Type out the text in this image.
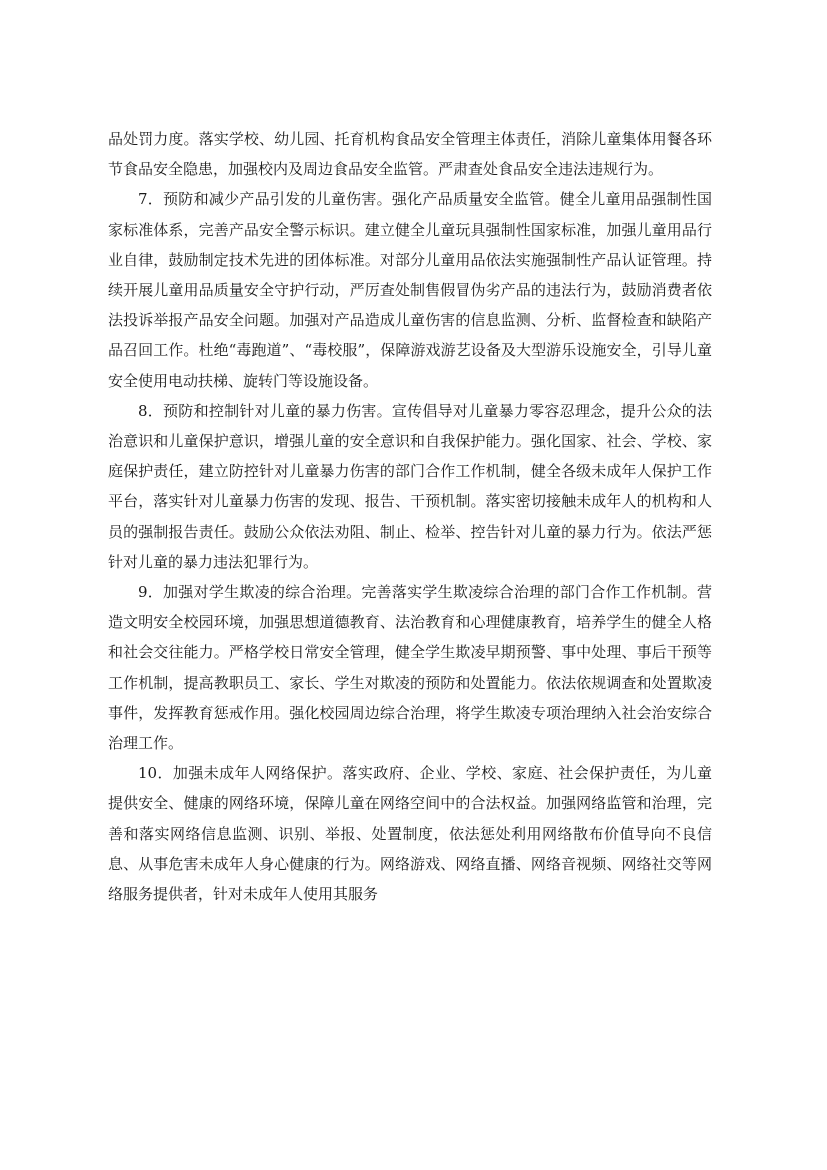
品处罚力度。落实学校、幼儿园、托育机构食品安全管理主体责任，消除儿童集体用餐各环节食品安全隐患，加强校内及周边食品安全监管。严肃查处食品安全违法违规行为。

7．预防和减少产品引发的儿童伤害。强化产品质量安全监管。健全儿童用品强制性国家标准体系，完善产品安全警示标识。建立健全儿童玩具强制性国家标准，加强儿童用品行业自律，鼓励制定技术先进的团体标准。对部分儿童用品依法实施强制性产品认证管理。持续开展儿童用品质量安全守护行动，严厉查处制售假冒伪劣产品的违法行为，鼓励消费者依法投诉举报产品安全问题。加强对产品造成儿童伤害的信息监测、分析、监督检查和缺陷产品召回工作。杜绝“毒跑道”、“毒校服”，保障游戏游艺设备及大型游乐设施安全，引导儿童安全使用电动扶梯、旋转门等设施设备。

8．预防和控制针对儿童的暴力伤害。宣传倡导对儿童暴力零容忍理念，提升公众的法治意识和儿童保护意识，增强儿童的安全意识和自我保护能力。强化国家、社会、学校、家庭保护责任，建立防控针对儿童暴力伤害的部门合作工作机制，健全各级未成年人保护工作平台，落实针对儿童暴力伤害的发现、报告、干预机制。落实密切接触未成年人的机构和人员的强制报告责任。鼓励公众依法劝阻、制止、检举、控告针对儿童的暴力行为。依法严惩针对儿童的暴力违法犯罪行为。

9．加强对学生欺凌的综合治理。完善落实学生欺凌综合治理的部门合作工作机制。营造文明安全校园环境，加强思想道德教育、法治教育和心理健康教育，培养学生的健全人格和社会交往能力。严格学校日常安全管理，健全学生欺凌早期预警、事中处理、事后干预等工作机制，提高教职员工、家长、学生对欺凌的预防和处置能力。依法依规调查和处置欺凌事件，发挥教育惩戒作用。强化校园周边综合治理，将学生欺凌专项治理纳入社会治安综合治理工作。

10．加强未成年人网络保护。落实政府、企业、学校、家庭、社会保护责任，为儿童提供安全、健康的网络环境，保障儿童在网络空间中的合法权益。加强网络监管和治理，完善和落实网络信息监测、识别、举报、处置制度，依法惩处利用网络散布价值导向不良信息、从事危害未成年人身心健康的行为。网络游戏、网络直播、网络音视频、网络社交等网络服务提供者，针对未成年人使用其服务
